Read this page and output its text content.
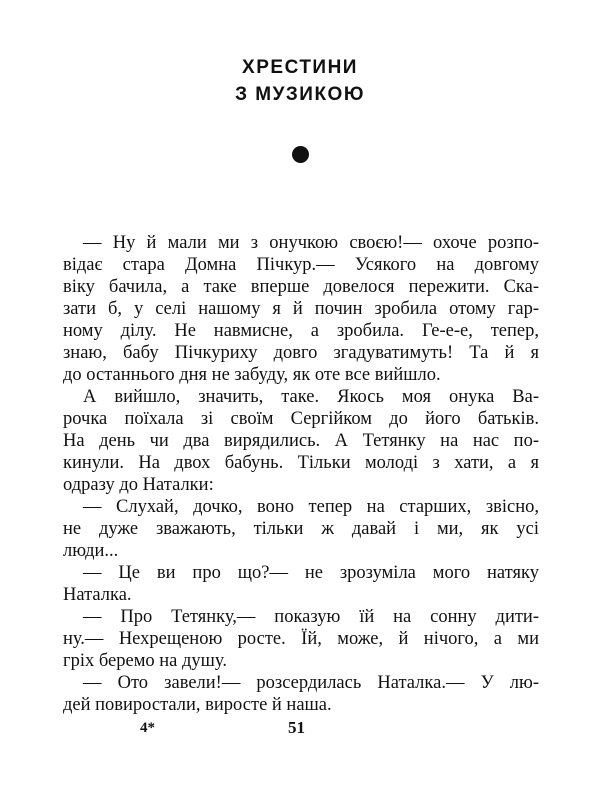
ХРЕСТИНИ
З МУЗИКОЮ
— Ну й мали ми з онучкою своєю!— охоче розпо-
відає стара Домна Пічкур.— Усякого на довгому
віку бачила, а таке вперше довелося пережити. Ска-
зати б, у селі нашому я й почин зробила отому гар-
ному ділу. Не навмисне, а зробила. Ге-е-е, тепер,
знаю, бабу Пічкуриху довго згадуватимуть! Та й я
до останнього дня не забуду, як оте все вийшло.
А вийшло, значить, таке. Якось моя онука Ва-
рочка поїхала зі своїм Сергійком до його батьків.
На день чи два вирядились. А Тетянку на нас по-
кинули. На двох бабунь. Тільки молоді з хати, а я
одразу до Наталки:
— Слухай, дочко, воно тепер на старших, звісно,
не дуже зважають, тільки ж давай і ми, як усі
люди...
— Це ви про що?— не зрозуміла мого натяку
Наталка.
— Про Тетянку,— показую їй на сонну дити-
ну.— Нехрещеною росте. Їй, може, й нічого, а ми
гріх беремо на душу.
— Ото завели!— розсердилась Наталка.— У лю-
дей повиростали, виросте й наша.
4*	51
